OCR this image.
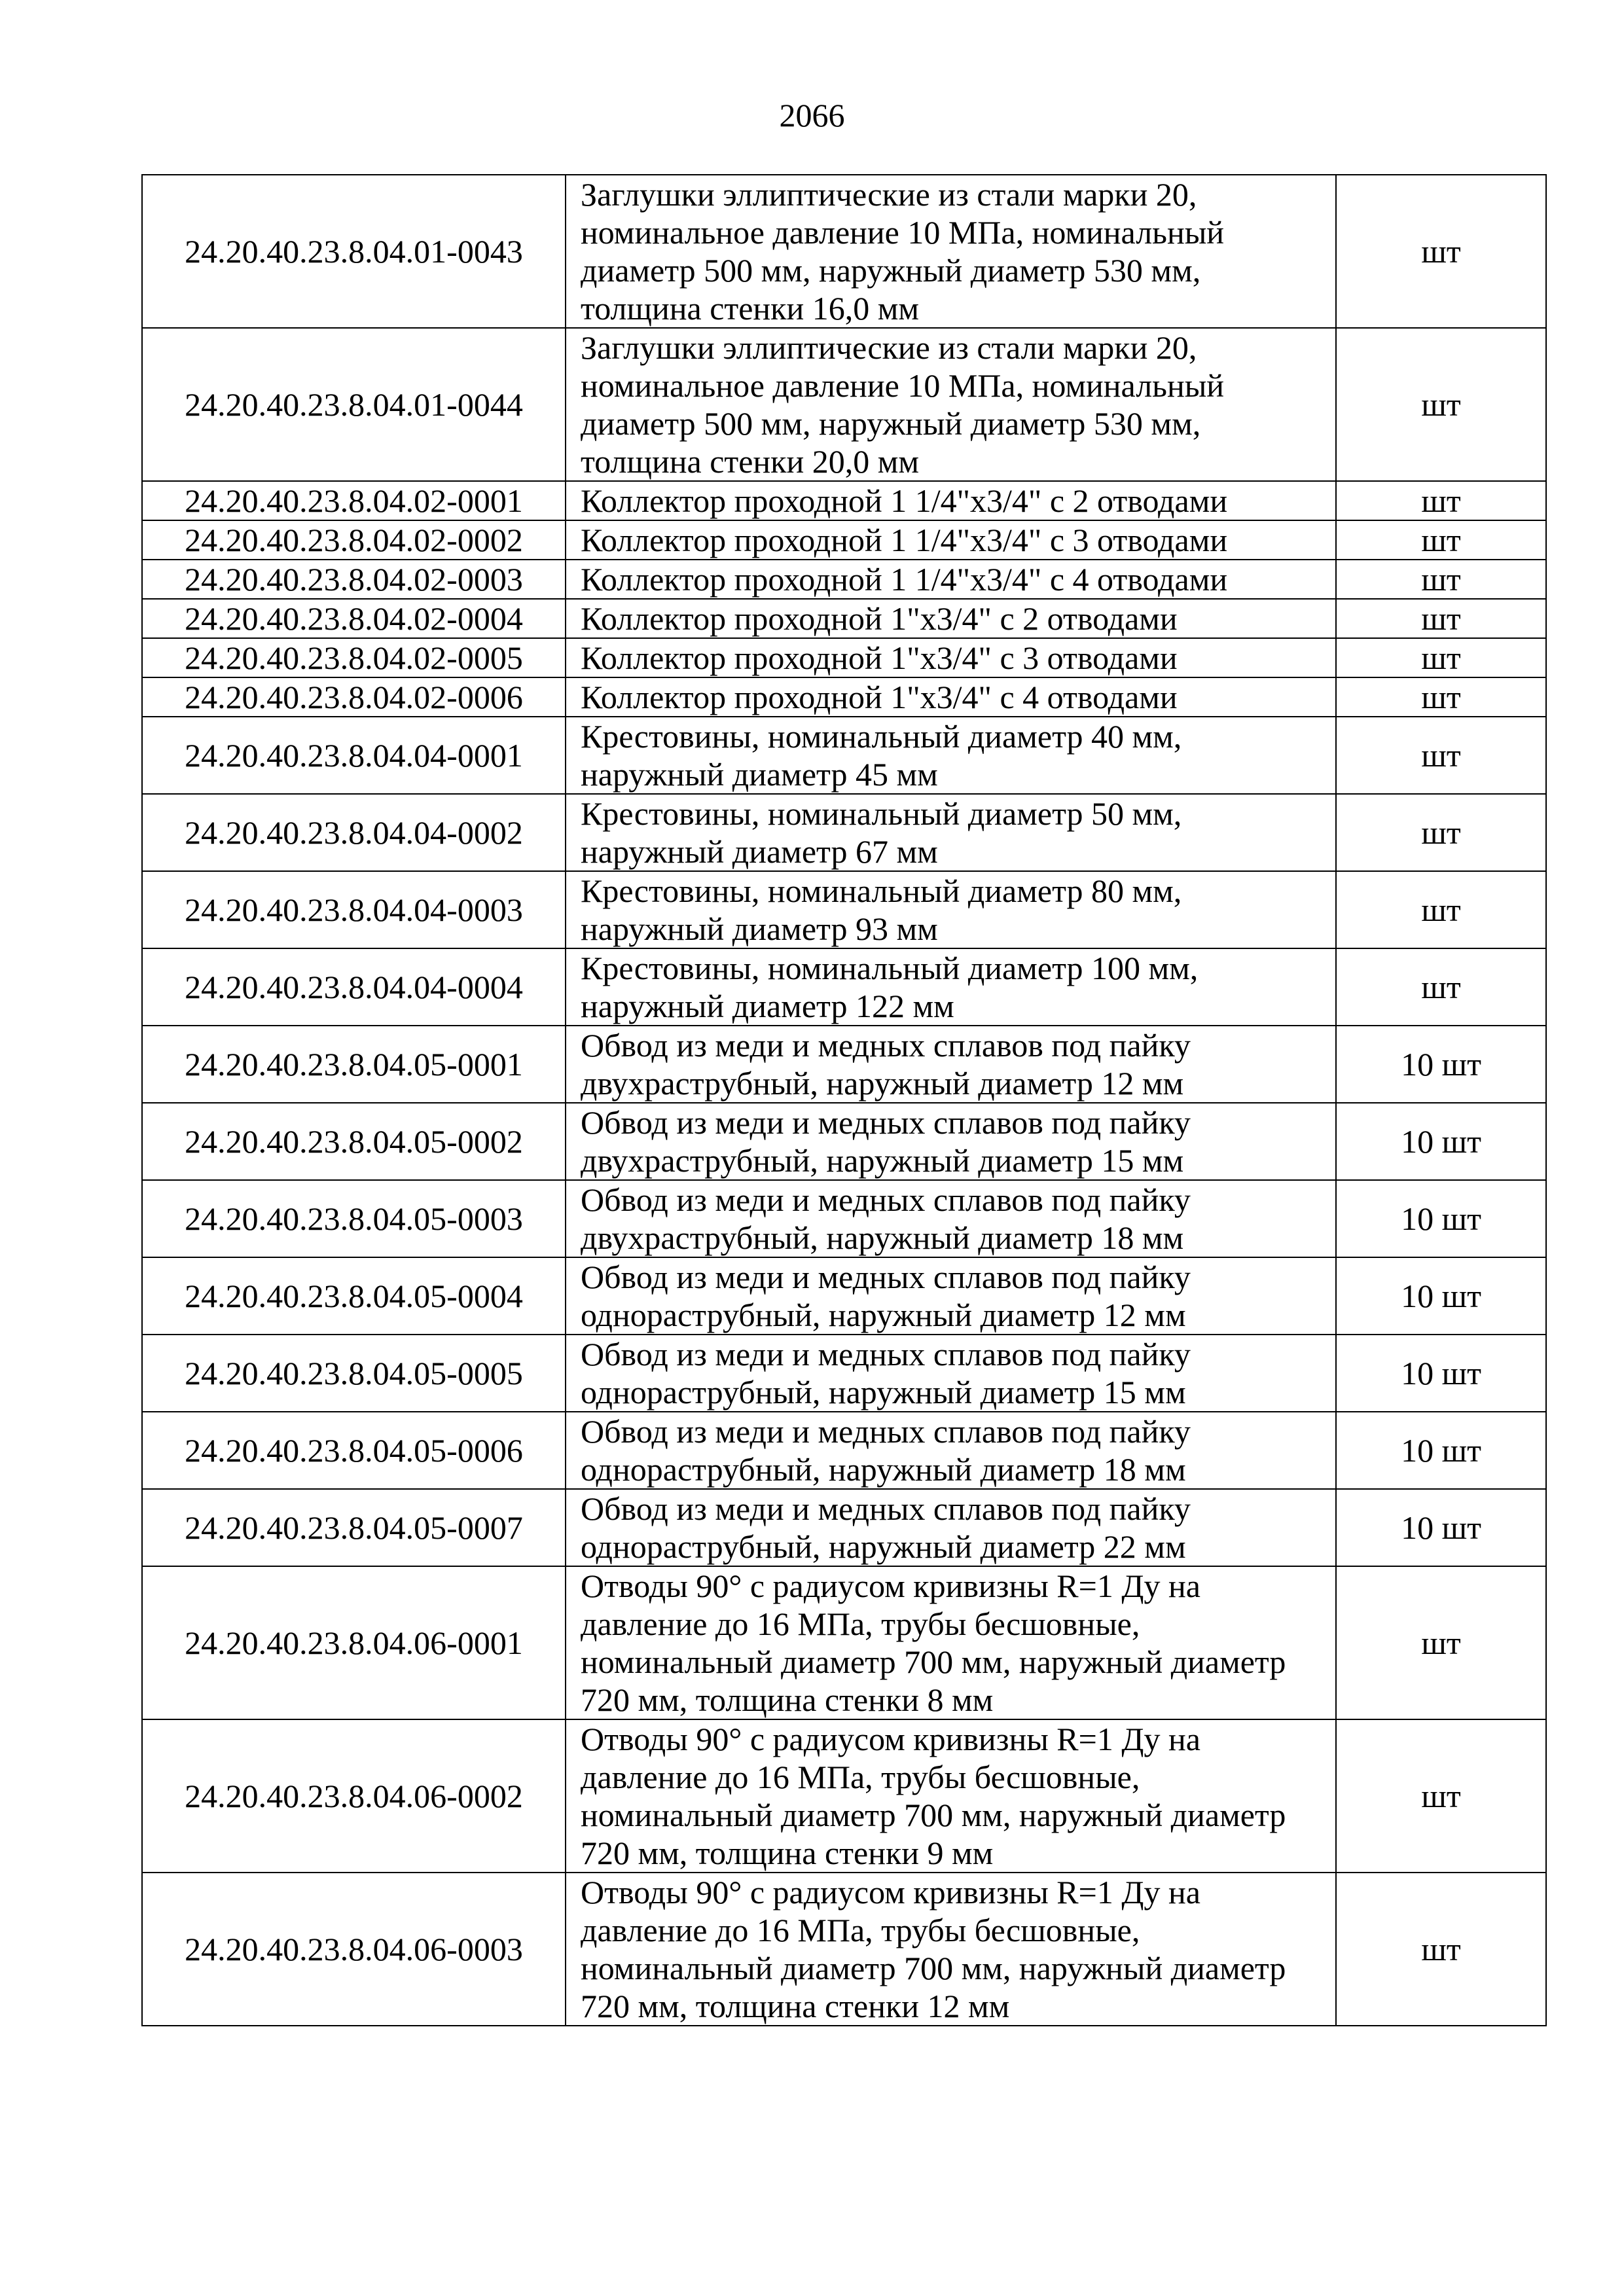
2066
24.20.40.23.8.04.01-0043	Заглушки эллиптические из стали марки 20,
номинальное давление 10 МПа, номинальный
диаметр 500 мм, наружный диаметр 530 мм,
толщина стенки 16,0 мм	шт
24.20.40.23.8.04.01-0044	Заглушки эллиптические из стали марки 20,
номинальное давление 10 МПа, номинальный
диаметр 500 мм, наружный диаметр 530 мм,
толщина стенки 20,0 мм	шт
24.20.40.23.8.04.02-0001	Коллектор проходной 1 1/4"х3/4" с 2 отводами	шт
24.20.40.23.8.04.02-0002	Коллектор проходной 1 1/4"х3/4" с 3 отводами	шт
24.20.40.23.8.04.02-0003	Коллектор проходной 1 1/4"х3/4" с 4 отводами	шт
24.20.40.23.8.04.02-0004	Коллектор проходной 1"х3/4" с 2 отводами	шт
24.20.40.23.8.04.02-0005	Коллектор проходной 1"х3/4" с 3 отводами	шт
24.20.40.23.8.04.02-0006	Коллектор проходной 1"х3/4" с 4 отводами	шт
24.20.40.23.8.04.04-0001	Крестовины, номинальный диаметр 40 мм,
наружный диаметр 45 мм	шт
24.20.40.23.8.04.04-0002	Крестовины, номинальный диаметр 50 мм,
наружный диаметр 67 мм	шт
24.20.40.23.8.04.04-0003	Крестовины, номинальный диаметр 80 мм,
наружный диаметр 93 мм	шт
24.20.40.23.8.04.04-0004	Крестовины, номинальный диаметр 100 мм,
наружный диаметр 122 мм	шт
24.20.40.23.8.04.05-0001	Обвод из меди и медных сплавов под пайку
двухраструбный, наружный диаметр 12 мм	10 шт
24.20.40.23.8.04.05-0002	Обвод из меди и медных сплавов под пайку
двухраструбный, наружный диаметр 15 мм	10 шт
24.20.40.23.8.04.05-0003	Обвод из меди и медных сплавов под пайку
двухраструбный, наружный диаметр 18 мм	10 шт
24.20.40.23.8.04.05-0004	Обвод из меди и медных сплавов под пайку
однораструбный, наружный диаметр 12 мм	10 шт
24.20.40.23.8.04.05-0005	Обвод из меди и медных сплавов под пайку
однораструбный, наружный диаметр 15 мм	10 шт
24.20.40.23.8.04.05-0006	Обвод из меди и медных сплавов под пайку
однораструбный, наружный диаметр 18 мм	10 шт
24.20.40.23.8.04.05-0007	Обвод из меди и медных сплавов под пайку
однораструбный, наружный диаметр 22 мм	10 шт
24.20.40.23.8.04.06-0001	Отводы 90° с радиусом кривизны R=1 Ду на
давление до 16 МПа, трубы бесшовные,
номинальный диаметр 700 мм, наружный диаметр
720 мм, толщина стенки 8 мм	шт
24.20.40.23.8.04.06-0002	Отводы 90° с радиусом кривизны R=1 Ду на
давление до 16 МПа, трубы бесшовные,
номинальный диаметр 700 мм, наружный диаметр
720 мм, толщина стенки 9 мм	шт
24.20.40.23.8.04.06-0003	Отводы 90° с радиусом кривизны R=1 Ду на
давление до 16 МПа, трубы бесшовные,
номинальный диаметр 700 мм, наружный диаметр
720 мм, толщина стенки 12 мм	шт
